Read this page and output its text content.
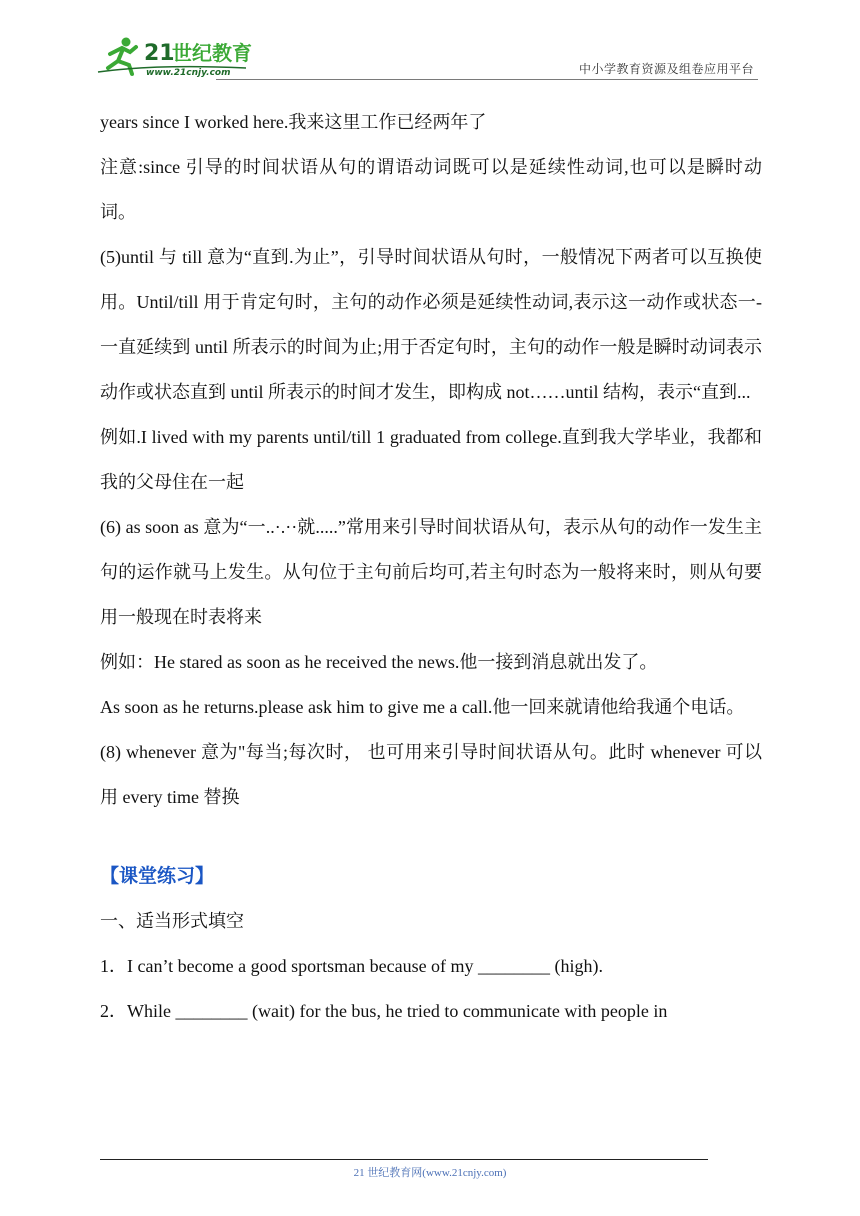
21
世纪教育
www.21cnjy.com	中小学教育资源及组卷应用平台

years since I worked here.我来这里工作已经两年了

注意:since 引导的时间状语从句的谓语动词既可以是延续性动词,也可以是瞬时动词。

(5)until 与 till 意为“直到.为止”，引导时间状语从句时，一般情况下两者可以互换使用。Until/till 用于肯定句时，主句的动作必须是延续性动词,表示这一动作或状态一-一直延续到 until 所表示的时间为止;用于否定句时，主句的动作一般是瞬时动词表示动作或状态直到 until 所表示的时间才发生，即构成 not……until 结构，表示“直到...

例如.I lived with my parents until/till 1 graduated from college.直到我大学毕业，我都和我的父母住在一起

(6) as soon as 意为“一..·.··就.....”常用来引导时间状语从句，表示从句的动作一发生主句的运作就马上发生。从句位于主句前后均可,若主句时态为一般将来时，则从句要用一般现在时表将来

例如：He stared as soon as he received the news.他一接到消息就出发了。

As soon as he returns.please ask him to give me a call.他一回来就请他给我通个电话。

(8) whenever 意为"每当;每次时， 也可用来引导时间状语从句。此时 whenever 可以用 every time 替换

【课堂练习】

一、适当形式填空

1．I can’t become a good sportsman because of my ________ (high).

2．While ________ (wait) for the bus, he tried to communicate with people in

21 世纪教育网(www.21cnjy.com)
